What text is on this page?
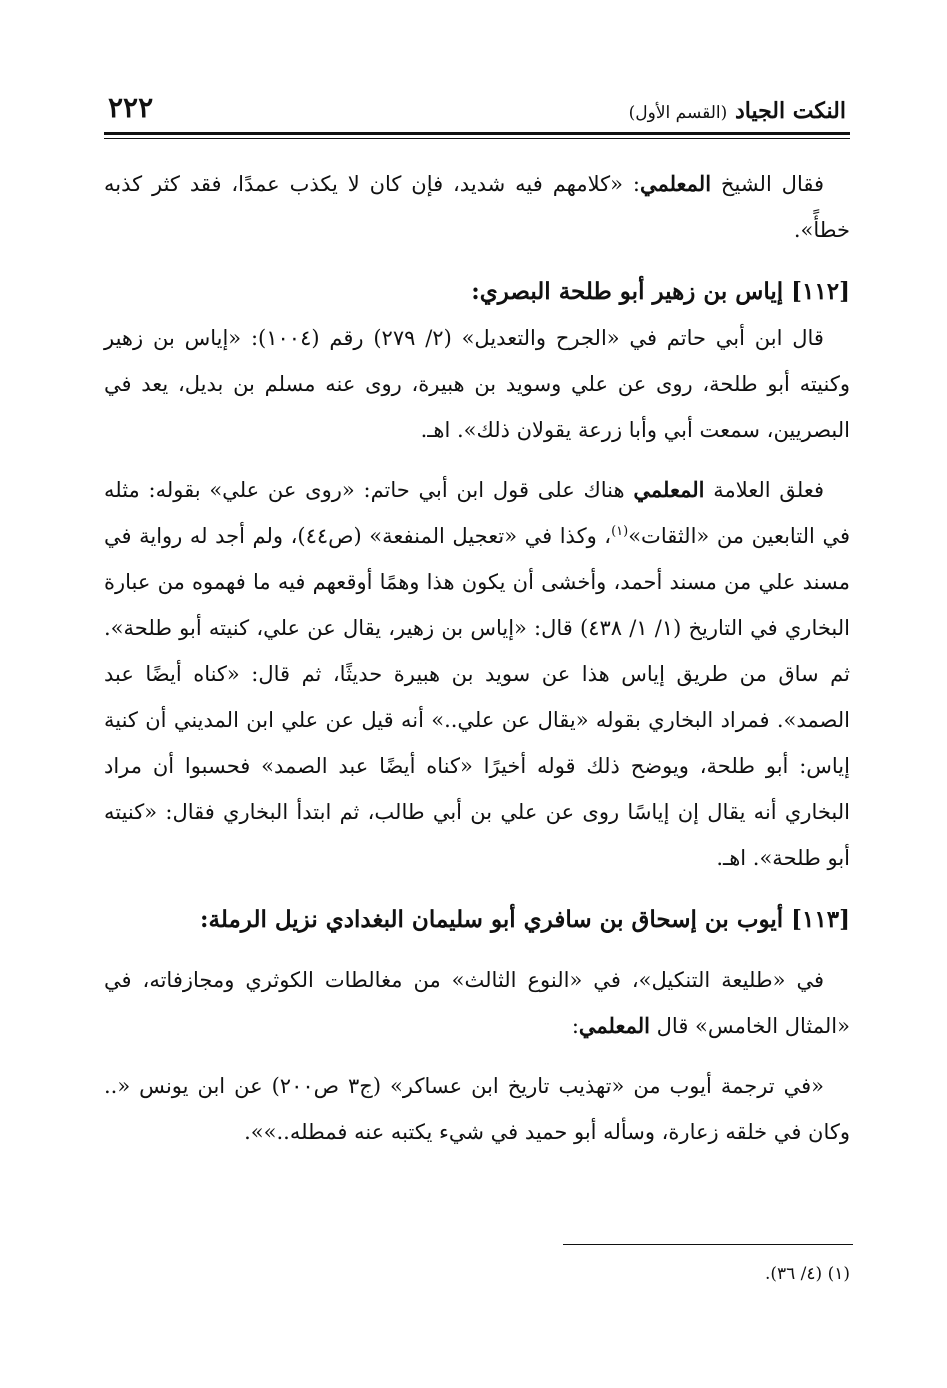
النكت الجياد (القسم الأول)
٢٢٢

فقال الشيخ المعلمي: «كلامهم فيه شديد، فإن كان لا يكذب عمدًا، فقد كثر كذبه خطأً».

[١١٢] إياس بن زهير أبو طلحة البصري:

قال ابن أبي حاتم في «الجرح والتعديل» (٢/ ٢٧٩) رقم (١٠٠٤): «إياس بن زهير وكنيته أبو طلحة، روى عن علي وسويد بن هبيرة، روى عنه مسلم بن بديل، يعد في البصريين، سمعت أبي وأبا زرعة يقولان ذلك». اهـ.

فعلق العلامة المعلمي هناك على قول ابن أبي حاتم: «روى عن علي» بقوله: مثله في التابعين من «الثقات»$^{(١)}$، وكذا في «تعجيل المنفعة» (ص٤٤)، ولم أجد له رواية في مسند علي من مسند أحمد، وأخشى أن يكون هذا وهمًا أوقعهم فيه ما فهموه من عبارة البخاري في التاريخ (١/ ١/ ٤٣٨) قال: «إياس بن زهير، يقال عن علي، كنيته أبو طلحة». ثم ساق من طريق إياس هذا عن سويد بن هبيرة حديثًا، ثم قال: «كناه أيضًا عبد الصمد». فمراد البخاري بقوله «يقال عن علي..» أنه قيل عن علي ابن المديني أن كنية إياس: أبو طلحة، ويوضح ذلك قوله أخيرًا «كناه أيضًا عبد الصمد» فحسبوا أن مراد البخاري أنه يقال إن إياسًا روى عن علي بن أبي طالب، ثم ابتدأ البخاري فقال: «كنيته أبو طلحة». اهـ.

[١١٣] أيوب بن إسحاق بن سافري أبو سليمان البغدادي نزيل الرملة:

في «طليعة التنكيل»، في «النوع الثالث» من مغالطات الكوثري ومجازفاته، في «المثال الخامس» قال المعلمي:

«في ترجمة أيوب من «تهذيب تاريخ ابن عساكر» (ج٣ ص٢٠٠) عن ابن يونس «.. وكان في خلقه زعارة، وسأله أبو حميد في شيء يكتبه عنه فمطله..»».

(١) (٤/ ٣٦).
